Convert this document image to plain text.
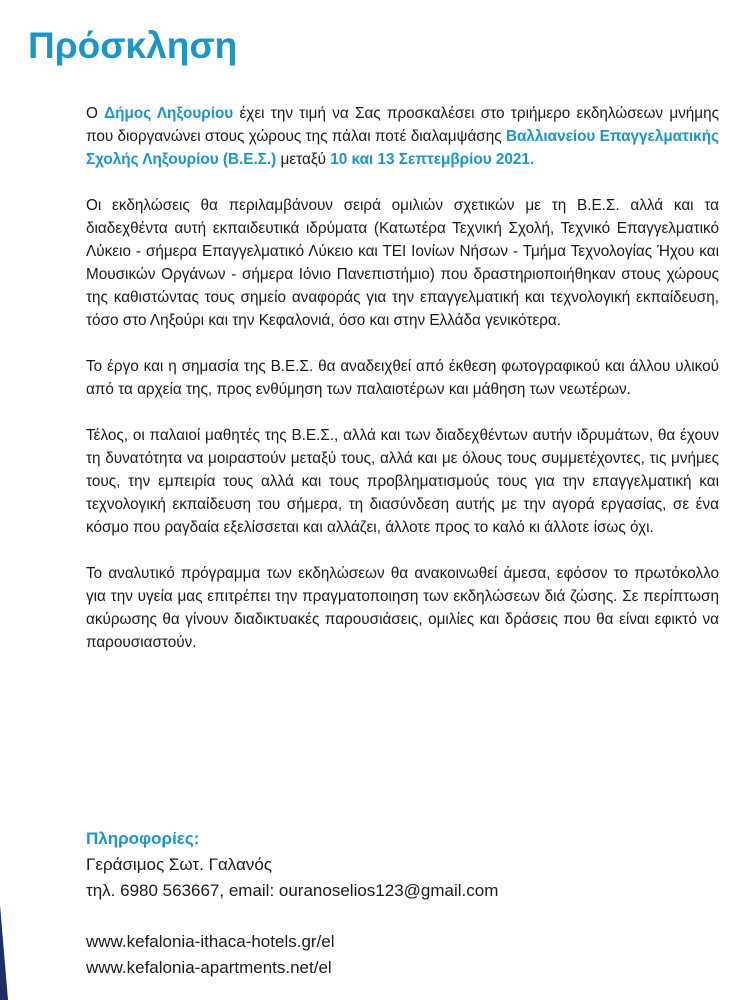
Πρόσκληση

Ο Δήμος Ληξουρίου έχει την τιμή να Σας προσκαλέσει στο τριήμερο εκδηλώσεων μνήμης που διοργανώνει στους χώρους της πάλαι ποτέ διαλαμψάσης Βαλλιανείου Επαγγελματικής Σχολής Ληξουρίου (Β.Ε.Σ.) μεταξύ 10 και 13 Σεπτεμβρίου 2021.

Οι εκδηλώσεις θα περιλαμβάνουν σειρά ομιλιών σχετικών με τη Β.Ε.Σ. αλλά και τα διαδεχθέντα αυτή εκπαιδευτικά ιδρύματα (Κατωτέρα Τεχνική Σχολή, Τεχνικό Επαγγελματικό Λύκειο - σήμερα Επαγγελματικό Λύκειο και ΤΕΙ Ιονίων Νήσων - Τμήμα Τεχνολογίας Ήχου και Μουσικών Οργάνων - σήμερα Ιόνιο Πανεπιστήμιο) που δραστηριοποιήθηκαν στους χώρους της καθιστώντας τους σημείο αναφοράς για την επαγγελματική και τεχνολογική εκπαίδευση, τόσο στο Ληξούρι και την Κεφαλονιά, όσο και στην Ελλάδα γενικότερα.

Το έργο και η σημασία της Β.Ε.Σ. θα αναδειχθεί από έκθεση φωτογραφικού και άλλου υλικού από τα αρχεία της, προς ενθύμηση των παλαιοτέρων και μάθηση των νεωτέρων.

Τέλος, οι παλαιοί μαθητές της Β.Ε.Σ., αλλά και των διαδεχθέντων αυτήν ιδρυμάτων, θα έχουν τη δυνατότητα να μοιραστούν μεταξύ τους, αλλά και με όλους τους συμμετέχοντες, τις μνήμες τους, την εμπειρία τους αλλά και τους προβληματισμούς τους για την επαγγελματική και τεχνολογική εκπαίδευση του σήμερα, τη διασύνδεση αυτής με την αγορά εργασίας, σε ένα κόσμο που ραγδαία εξελίσσεται και αλλάζει, άλλοτε προς το καλό κι άλλοτε ίσως όχι.

Το αναλυτικό πρόγραμμα των εκδηλώσεων θα ανακοινωθεί άμεσα, εφόσον το πρωτόκολλο για την υγεία μας επιτρέπει την πραγματοποιηση των εκδηλώσεων διά ζώσης. Σε περίπτωση ακύρωσης θα γίνουν διαδικτυακές παρουσιάσεις, ομιλίες και δράσεις που θα είναι εφικτό να παρουσιαστούν.

Πληροφορίες:
Γεράσιμος Σωτ. Γαλανός
τηλ. 6980 563667, email: ouranoselios123@gmail.com
www.kefalonia-ithaca-hotels.gr/el
www.kefalonia-apartments.net/el
